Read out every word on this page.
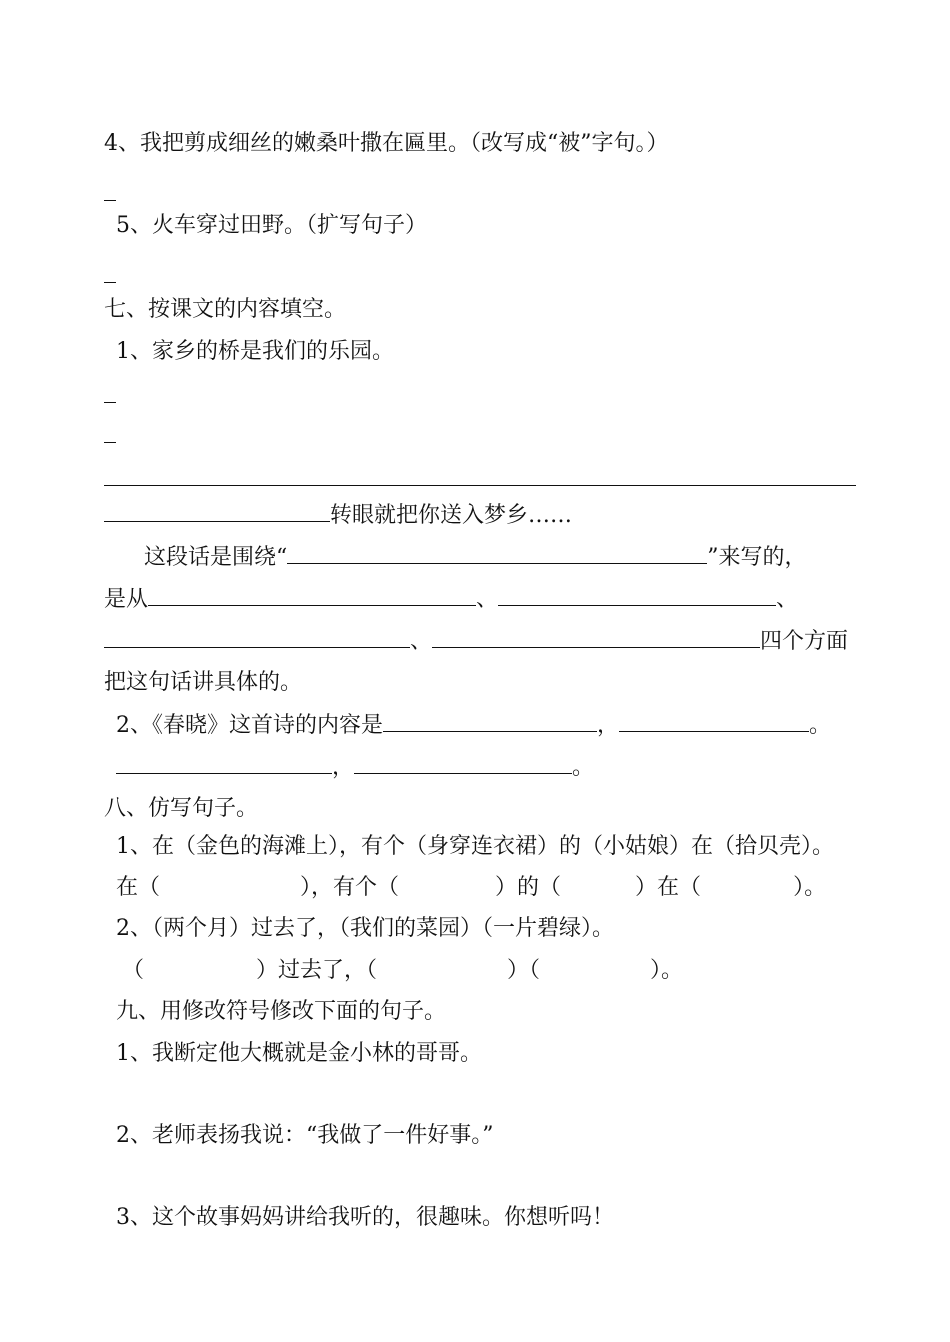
4、我把剪成细丝的嫩桑叶撒在匾里。（改写成“被”字句。）
5、火车穿过田野。（扩写句子）
七、按课文的内容填空。
1、家乡的桥是我们的乐园。
转眼就把你送入梦乡……
这段话是围绕“	”来写的，
是从	、	、
、	四个方面
把这句话讲具体的。
2、《春晓》这首诗的内容是	，	。
，	。
八、仿写句子。
1、在（金色的海滩上），有个（身穿连衣裙）的（小姑娘）在（拾贝壳）。
在（	），有个（	）的（	）在（	）。
2、（两个月）过去了，（我们的菜园）（一片碧绿）。
（	）过去了，（	）（	）。
九、用修改符号修改下面的句子。
1、我断定他大概就是金小林的哥哥。
2、老师表扬我说：“我做了一件好事。”
3、这个故事妈妈讲给我听的，很趣味。你想听吗！
